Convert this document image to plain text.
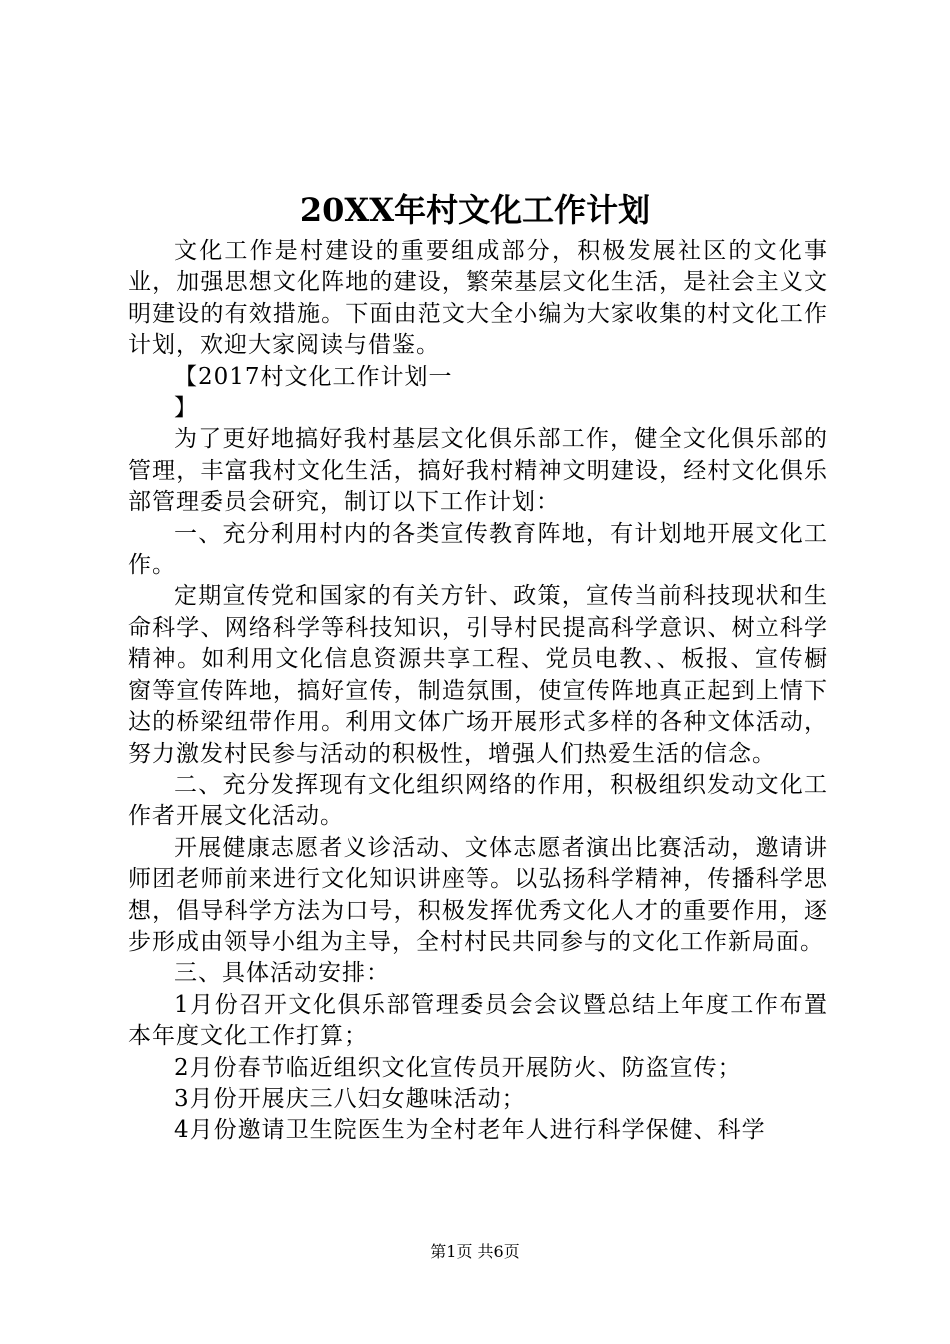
20XX年村文化工作计划

文化工作是村建设的重要组成部分，积极发展社区的文化事业，加强思想文化阵地的建设，繁荣基层文化生活，是社会主义文明建设的有效措施。下面由范文大全小编为大家收集的村文化工作计划，欢迎大家阅读与借鉴。

【2017村文化工作计划一

】

为了更好地搞好我村基层文化俱乐部工作，健全文化俱乐部的管理，丰富我村文化生活，搞好我村精神文明建设，经村文化俱乐部管理委员会研究，制订以下工作计划：

一、充分利用村内的各类宣传教育阵地，有计划地开展文化工作。

定期宣传党和国家的有关方针、政策，宣传当前科技现状和生命科学、网络科学等科技知识，引导村民提高科学意识、树立科学精神。如利用文化信息资源共享工程、党员电教、、板报、宣传橱窗等宣传阵地，搞好宣传，制造氛围，使宣传阵地真正起到上情下达的桥梁纽带作用。利用文体广场开展形式多样的各种文体活动，努力激发村民参与活动的积极性，增强人们热爱生活的信念。

二、充分发挥现有文化组织网络的作用，积极组织发动文化工作者开展文化活动。

开展健康志愿者义诊活动、文体志愿者演出比赛活动，邀请讲师团老师前来进行文化知识讲座等。以弘扬科学精神，传播科学思想，倡导科学方法为口号，积极发挥优秀文化人才的重要作用，逐步形成由领导小组为主导，全村村民共同参与的文化工作新局面。

三、具体活动安排：

1月份召开文化俱乐部管理委员会会议暨总结上年度工作布置本年度文化工作打算；

2月份春节临近组织文化宣传员开展防火、防盗宣传；

3月份开展庆三八妇女趣味活动；

4月份邀请卫生院医生为全村老年人进行科学保健、科学

第1页 共6页
